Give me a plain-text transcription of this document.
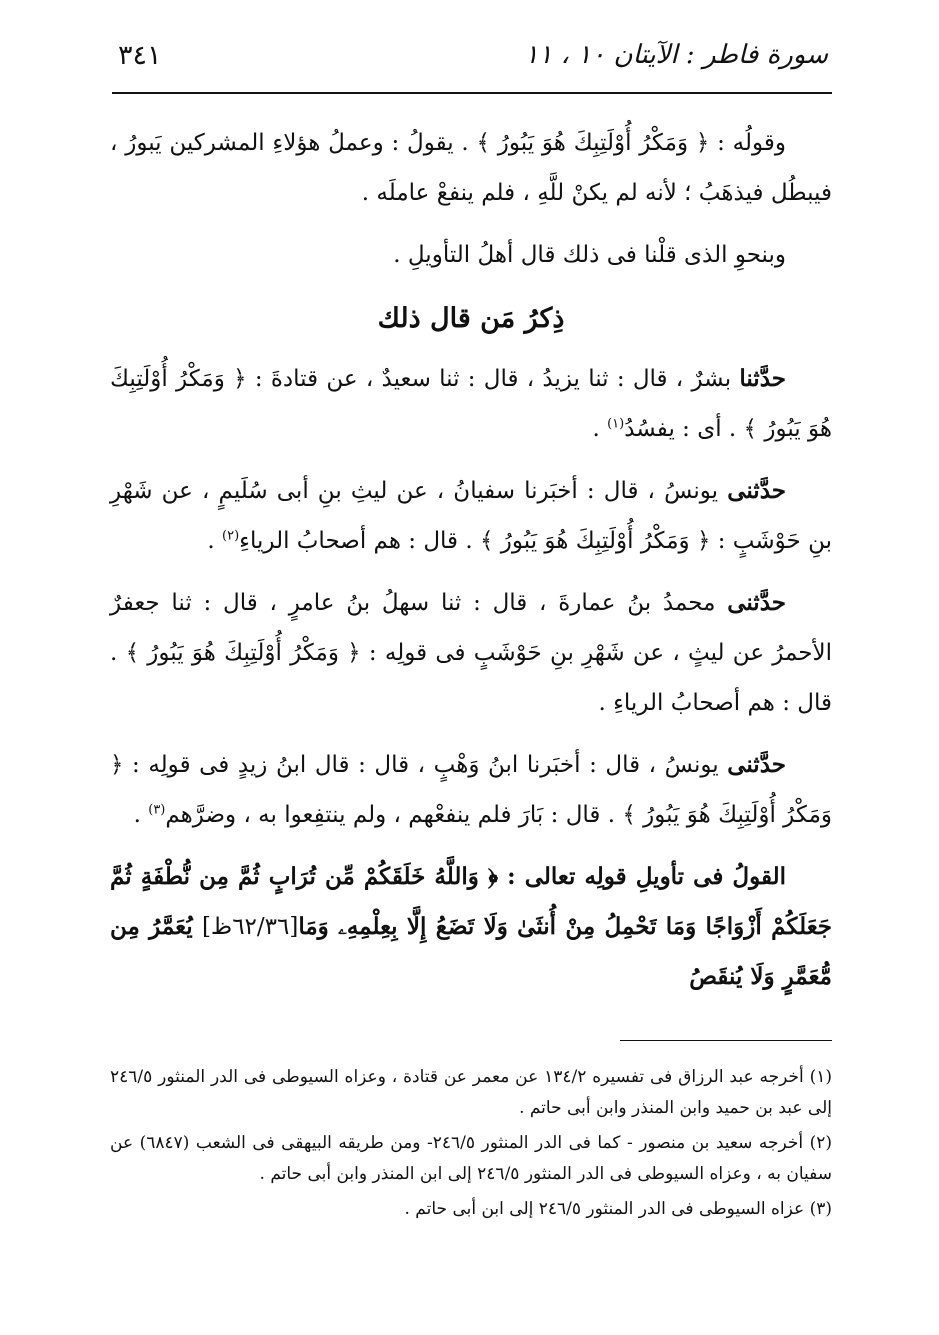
سورة فاطر : الآيتان ١٠ ، ١١
٣٤١

وقولُه : ﴿ وَمَكْرُ أُوْلَتِبِكَ هُوَ يَبُورُ ﴾ . يقولُ : وعملُ هؤلاءِ المشركين يَبورُ ، فيبطُل فيذهَبُ ؛ لأنه لم يكنْ للَّهِ ، فلم ينفعْ عاملَه .

وبنحوِ الذى قلْنا فى ذلك قال أهلُ التأويلِ .

ذِكرُ مَن قال ذلك

حدَّثنا بشرٌ ، قال : ثنا يزيدُ ، قال : ثنا سعيدٌ ، عن قتادةَ : ﴿ وَمَكْرُ أُوْلَتِبِكَ هُوَ يَبُورُ ﴾ . أى : يفسُدُ$^{(١)}$ .

حدَّثنى يونسُ ، قال : أخبَرنا سفيانُ ، عن ليثِ بنِ أبى سُلَيمٍ ، عن شَهْرِ بنِ حَوْشَبٍ : ﴿ وَمَكْرُ أُوْلَتِبِكَ هُوَ يَبُورُ ﴾ . قال : هم أصحابُ الرياءِ$^{(٢)}$ .

حدَّثنى محمدُ بنُ عمارةَ ، قال : ثنا سهلُ بنُ عامرٍ ، قال : ثنا جعفرٌ الأحمرُ عن ليثٍ ، عن شَهْرِ بنِ حَوْشَبٍ فى قولِه : ﴿ وَمَكْرُ أُوْلَتِبِكَ هُوَ يَبُورُ ﴾ . قال : هم أصحابُ الرياءِ .

حدَّثنى يونسُ ، قال : أخبَرنا ابنُ وَهْبٍ ، قال : قال ابنُ زيدٍ فى قولِه : ﴿ وَمَكْرُ أُوْلَتِبِكَ هُوَ يَبُورُ ﴾ . قال : بَارَ فلم ينفعْهم ، ولم ينتفِعوا به ، وضرَّهم$^{(٣)}$ .

القولُ فى تأويلِ قولِه تعالى : ﴿ وَاللَّهُ خَلَقَكُمْ مِّن تُرَابٍ ثُمَّ مِن نُّطْفَةٍ ثُمَّ جَعَلَكُمْ أَزْوَاجًا وَمَا تَحْمِلُ مِنْ أُنثَىٰ وَلَا تَضَعُ إِلَّا بِعِلْمِهِۦ وَمَا[٦٢/٣٦ظ] يُعَمَّرُ مِن مُّعَمَّرٍ وَلَا يُنقَصُ

(١) أخرجه عبد الرزاق فى تفسيره ١٣٤/٢ عن معمر عن قتادة ، وعزاه السيوطى فى الدر المنثور ٢٤٦/٥ إلى عبد بن حميد وابن المنذر وابن أبى حاتم .

(٢) أخرجه سعيد بن منصور - كما فى الدر المنثور ٢٤٦/٥- ومن طريقه البيهقى فى الشعب (٦٨٤٧) عن سفيان به ، وعزاه السيوطى فى الدر المنثور ٢٤٦/٥ إلى ابن المنذر وابن أبى حاتم .

(٣) عزاه السيوطى فى الدر المنثور ٢٤٦/٥ إلى ابن أبى حاتم .
